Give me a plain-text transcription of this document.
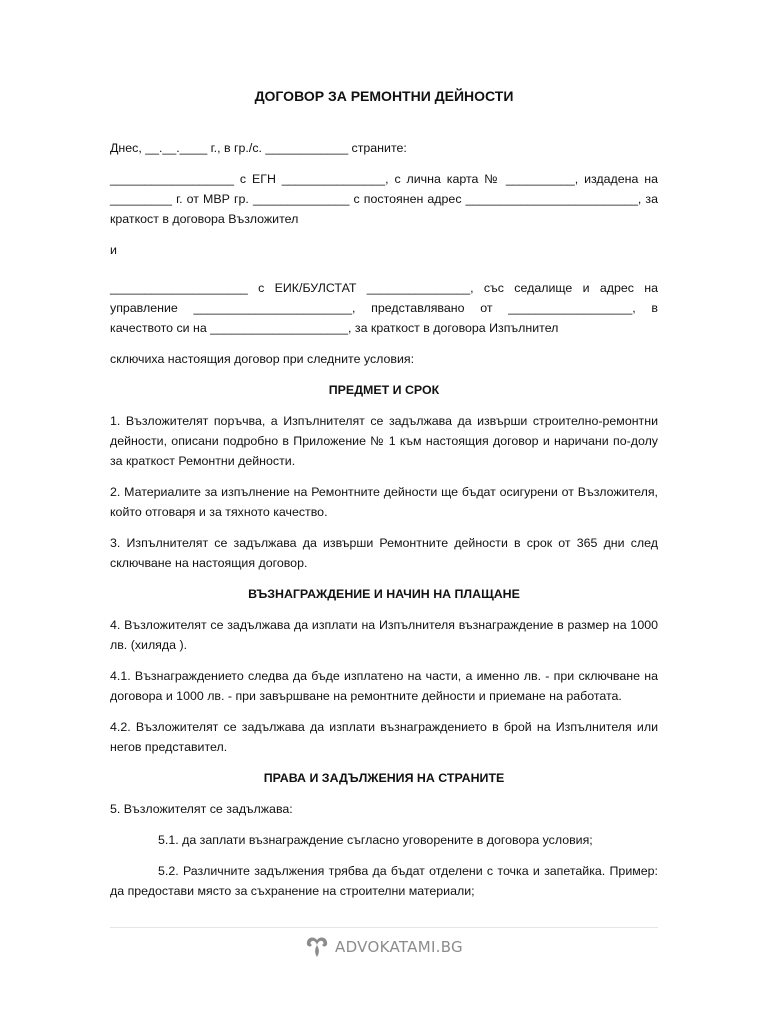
ДОГОВОР ЗА РЕМОНТНИ ДЕЙНОСТИ

Днес, __.__.____ г., в гр./с. ____________ страните:

__________________ с ЕГН _______________, с лична карта № __________, издадена на _________ г. от МВР гр. ______________ с постоянен адрес _________________________, за краткост в договора Възложител

и

____________________ с ЕИК/БУЛСТАТ _______________, със седалище и адрес на управление _______________________, представлявано от __________________, в качеството си на ____________________, за краткост в договора Изпълнител

сключиха настоящия договор при следните условия:

ПРЕДМЕТ И СРОК

1. Възложителят поръчва, а Изпълнителят се задължава да извърши строително-ремонтни дейности, описани подробно в Приложение № 1 към настоящия договор и наричани по-долу за краткост Ремонтни дейности.

2. Материалите за изпълнение на Ремонтните дейности ще бъдат осигурени от Възложителя, който отговаря и за тяхното качество.

3. Изпълнителят се задължава да извърши Ремонтните дейности в срок от 365 дни след сключване на настоящия договор.

ВЪЗНАГРАЖДЕНИЕ И НАЧИН НА ПЛАЩАНЕ

4. Възложителят се задължава да изплати на Изпълнителя възнаграждение в размер на 1000 лв. (хиляда ).

4.1. Възнаграждението следва да бъде изплатено на части, а именно лв. - при сключване на договора и 1000 лв. - при завършване на ремонтните дейности и приемане на работата.

4.2. Възложителят се задължава да изплати възнаграждението в брой на Изпълнителя или негов представител.

ПРАВА И ЗАДЪЛЖЕНИЯ НА СТРАНИТЕ

5. Възложителят се задължава:

5.1. да заплати възнаграждение съгласно уговорените в договора условия;

5.2. Различните задължения трябва да бъдат отделени с точка и запетайка. Пример: да предостави място за съхранение на строителни материали;

ADVOKATAMI.BG
